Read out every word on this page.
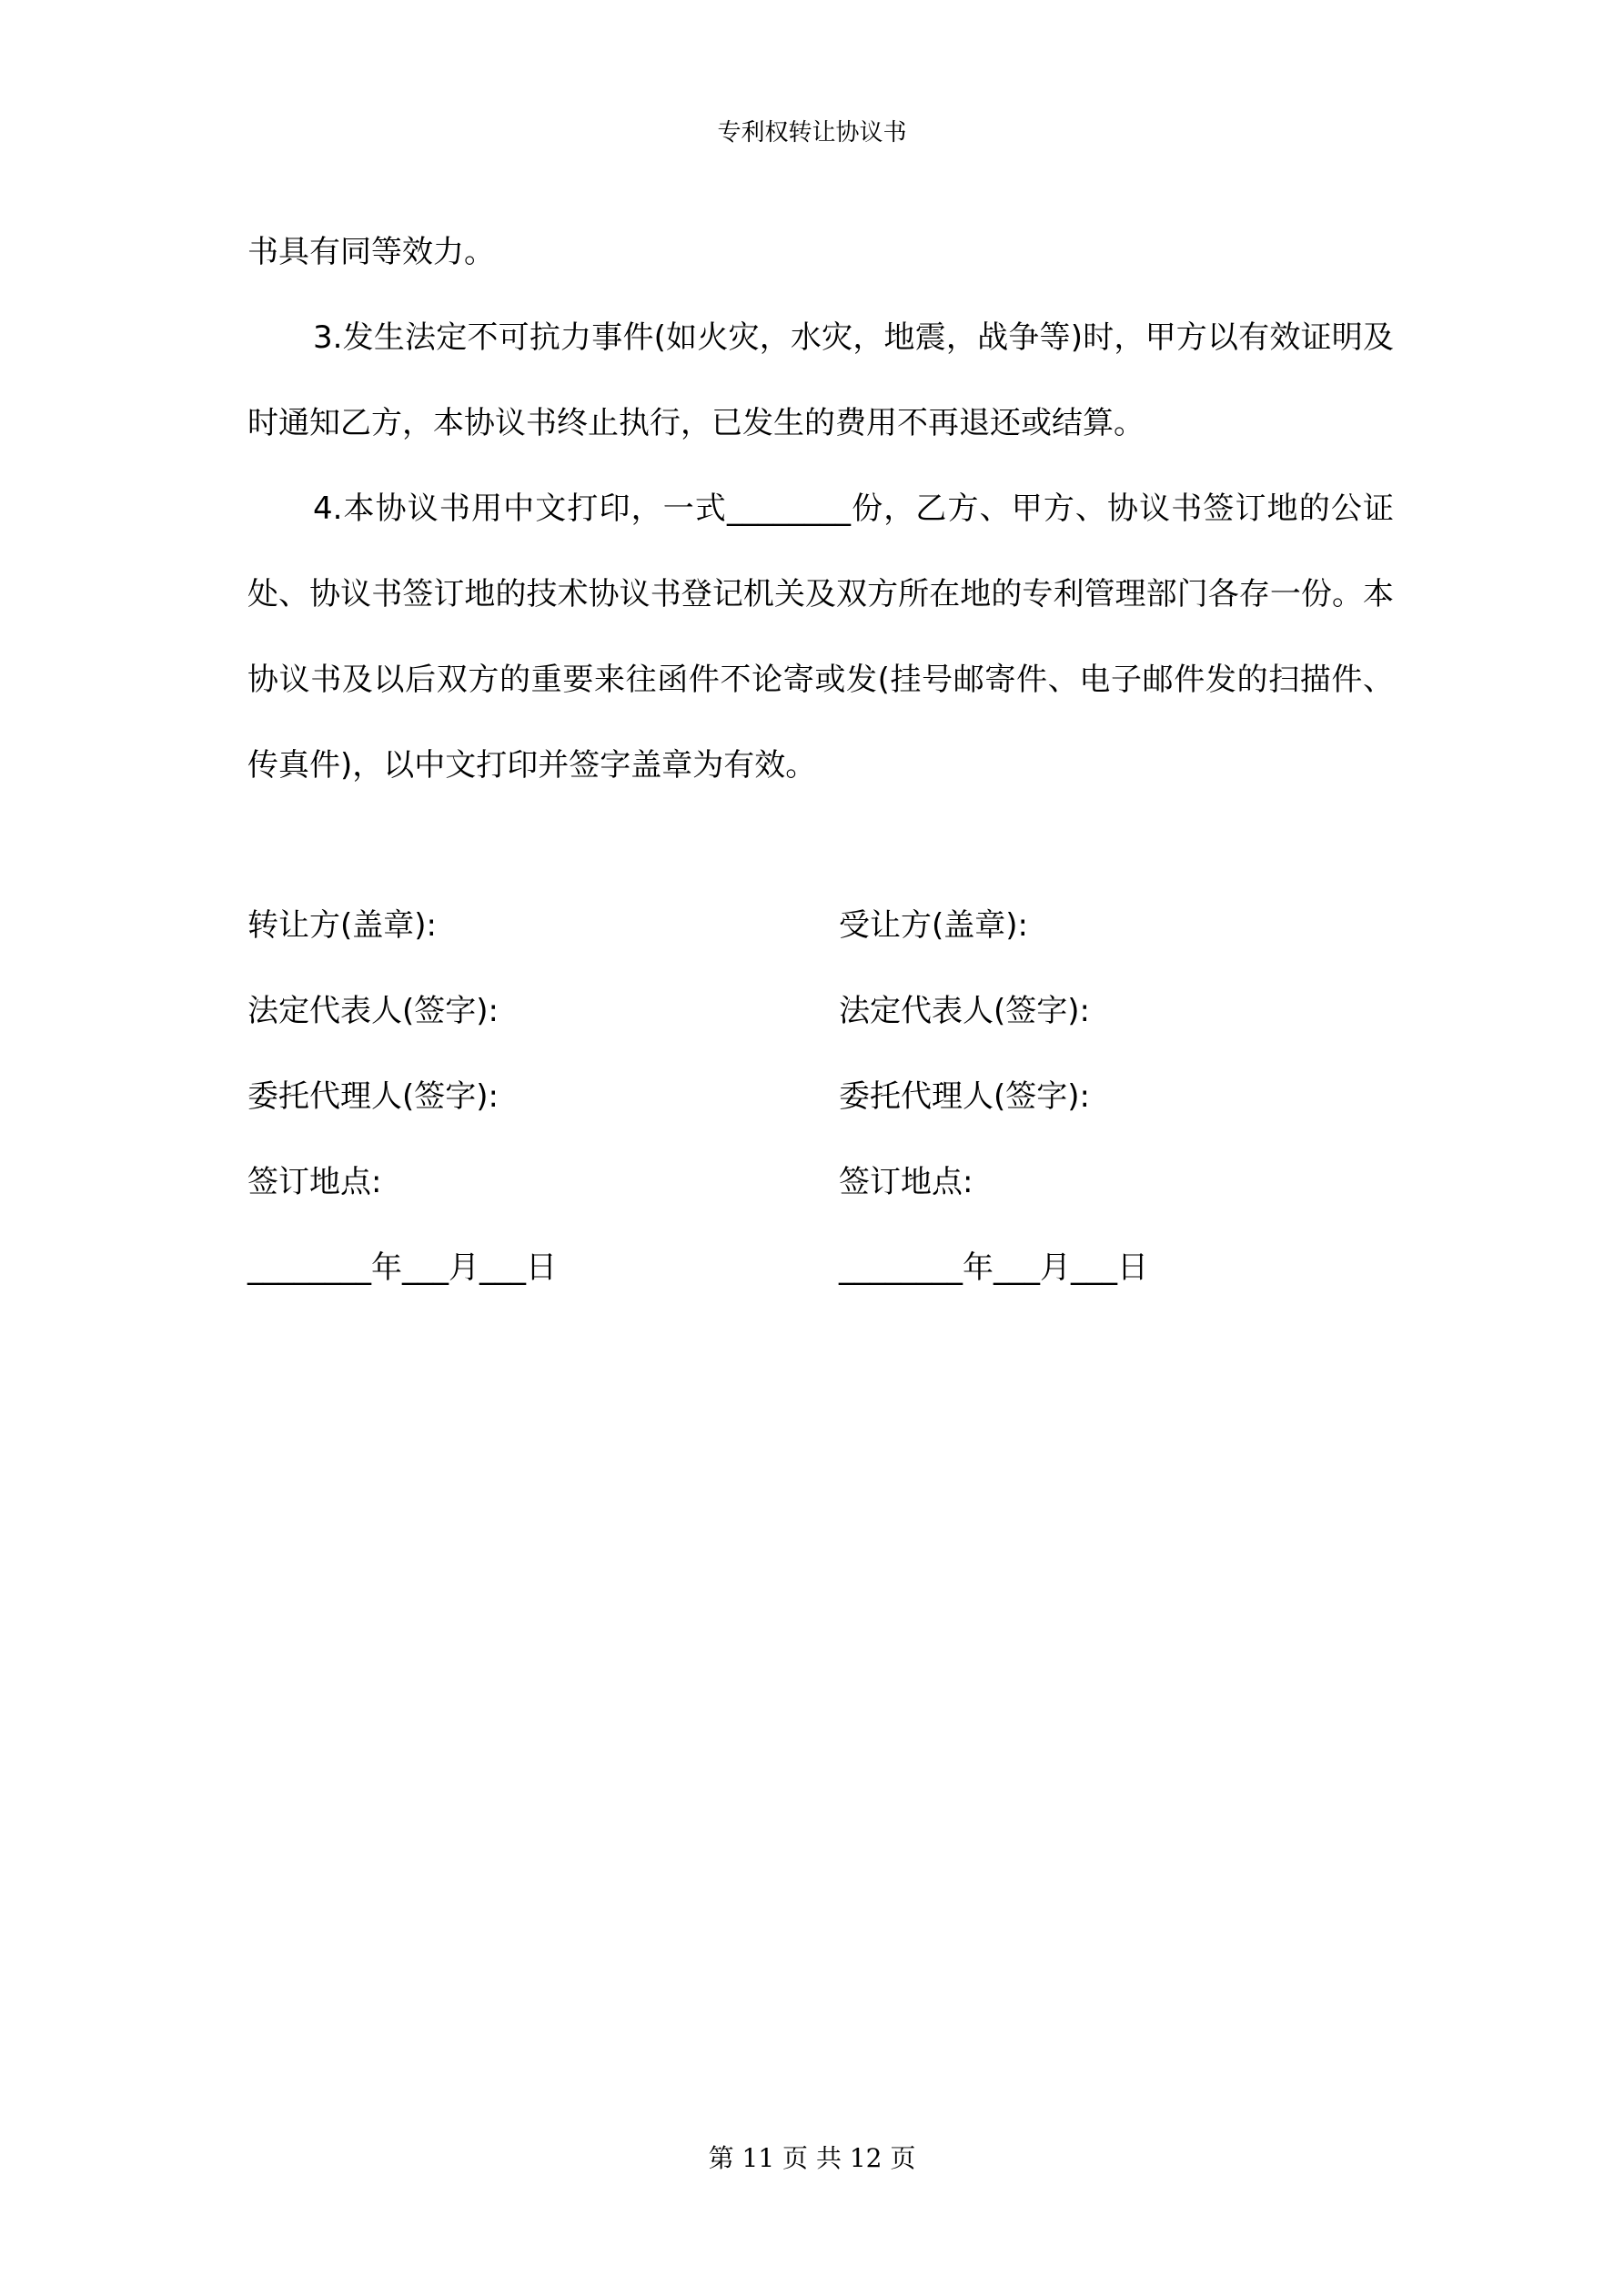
专利权转让协议书

书具有同等效力。

3.发生法定不可抗力事件(如火灾，水灾，地震，战争等)时，甲方以有效证明及时通知乙方，本协议书终止执行，已发生的费用不再退还或结算。

4.本协议书用中文打印，一式________份，乙方、甲方、协议书签订地的公证处、协议书签订地的技术协议书登记机关及双方所在地的专利管理部门各存一份。本协议书及以后双方的重要来往函件不论寄或发(挂号邮寄件、电子邮件发的扫描件、传真件)，以中文打印并签字盖章为有效。

转让方(盖章):
法定代表人(签字):
委托代理人(签字):
签订地点:
________年___月___日
受让方(盖章):
法定代表人(签字):
委托代理人(签字):
签订地点:
________年___月___日
第 11 页 共 12 页
